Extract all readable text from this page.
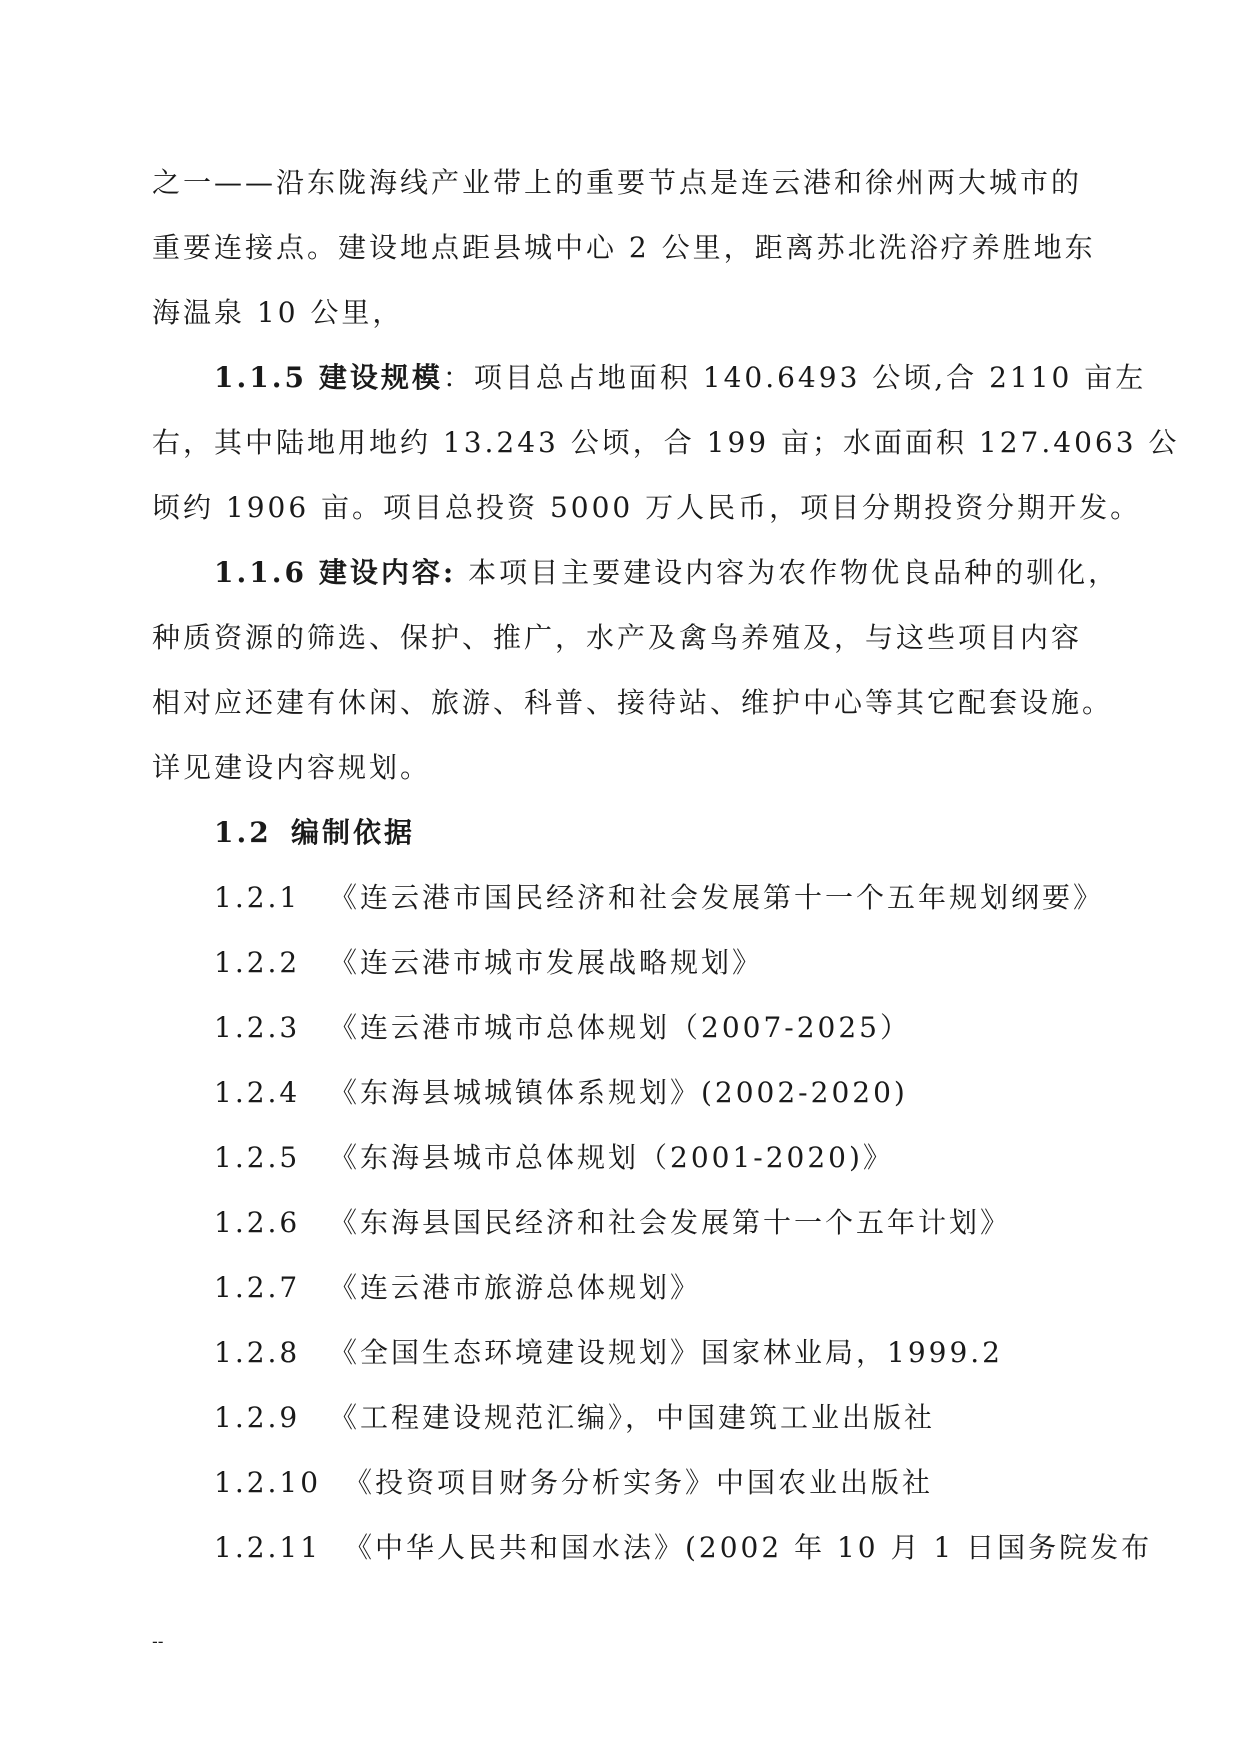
之一——沿东陇海线产业带上的重要节点是连云港和徐州两大城市的
重要连接点。建设地点距县城中心 2 公里，距离苏北洗浴疗养胜地东
海温泉 10 公里，
1.1.5 建设规模：项目总占地面积 140.6493 公顷,合 2110 亩左
右，其中陆地用地约 13.243 公顷，合 199 亩；水面面积 127.4063 公
顷约 1906 亩。项目总投资 5000 万人民币，项目分期投资分期开发。
1.1.6 建设内容: 本项目主要建设内容为农作物优良品种的驯化，
种质资源的筛选、保护、推广，水产及禽鸟养殖及，与这些项目内容
相对应还建有休闲、旅游、科普、接待站、维护中心等其它配套设施。
详见建设内容规划。
1.2 编制依据
1.2.1 《连云港市国民经济和社会发展第十一个五年规划纲要》
1.2.2 《连云港市城市发展战略规划》
1.2.3 《连云港市城市总体规划（2007-2025）
1.2.4 《东海县城城镇体系规划》(2002-2020)
1.2.5 《东海县城市总体规划（2001-2020)》
1.2.6 《东海县国民经济和社会发展第十一个五年计划》
1.2.7 《连云港市旅游总体规划》
1.2.8 《全国生态环境建设规划》国家林业局，1999.2
1.2.9 《工程建设规范汇编》，中国建筑工业出版社
1.2.10 《投资项目财务分析实务》中国农业出版社
1.2.11 《中华人民共和国水法》(2002 年 10 月 1 日国务院发布
--
